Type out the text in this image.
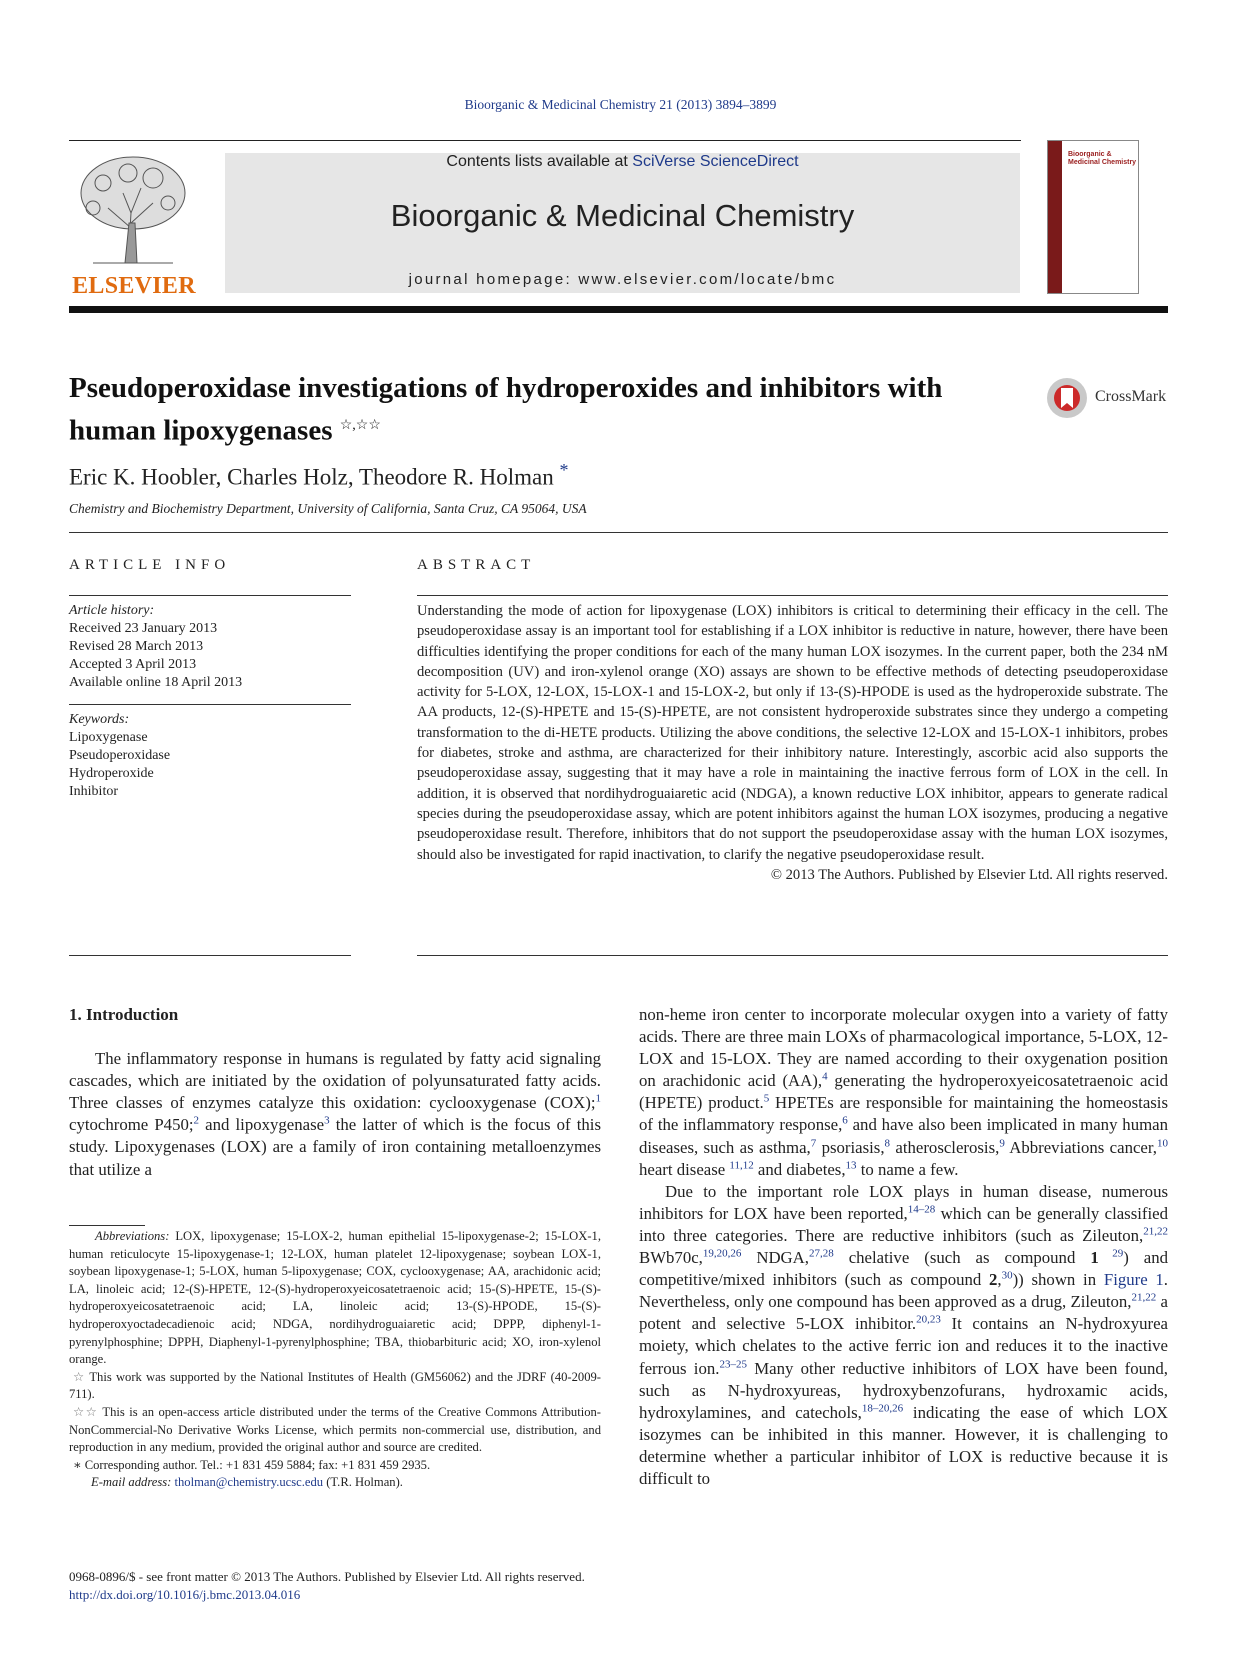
Bioorganic & Medicinal Chemistry 21 (2013) 3894–3899
ELSEVIER
Contents lists available at SciVerse ScienceDirect
Bioorganic & Medicinal Chemistry
journal homepage: www.elsevier.com/locate/bmc
Bioorganic & Medicinal Chemistry
Pseudoperoxidase investigations of hydroperoxides and inhibitors with human lipoxygenases ☆,☆☆
CrossMark
Eric K. Hoobler, Charles Holz, Theodore R. Holman *
Chemistry and Biochemistry Department, University of California, Santa Cruz, CA 95064, USA
ARTICLE INFO
Article history:
Received 23 January 2013
Revised 28 March 2013
Accepted 3 April 2013
Available online 18 April 2013
Keywords:
Lipoxygenase
Pseudoperoxidase
Hydroperoxide
Inhibitor
ABSTRACT
Understanding the mode of action for lipoxygenase (LOX) inhibitors is critical to determining their efficacy in the cell. The pseudoperoxidase assay is an important tool for establishing if a LOX inhibitor is reductive in nature, however, there have been difficulties identifying the proper conditions for each of the many human LOX isozymes. In the current paper, both the 234 nM decomposition (UV) and iron-xylenol orange (XO) assays are shown to be effective methods of detecting pseudoperoxidase activity for 5-LOX, 12-LOX, 15-LOX-1 and 15-LOX-2, but only if 13-(S)-HPODE is used as the hydroperoxide substrate. The AA products, 12-(S)-HPETE and 15-(S)-HPETE, are not consistent hydroperoxide substrates since they undergo a competing transformation to the di-HETE products. Utilizing the above conditions, the selective 12-LOX and 15-LOX-1 inhibitors, probes for diabetes, stroke and asthma, are characterized for their inhibitory nature. Interestingly, ascorbic acid also supports the pseudoperoxidase assay, suggesting that it may have a role in maintaining the inactive ferrous form of LOX in the cell. In addition, it is observed that nordihydroguaiaretic acid (NDGA), a known reductive LOX inhibitor, appears to generate radical species during the pseudoperoxidase assay, which are potent inhibitors against the human LOX isozymes, producing a negative pseudoperoxidase result. Therefore, inhibitors that do not support the pseudoperoxidase assay with the human LOX isozymes, should also be investigated for rapid inactivation, to clarify the negative pseudoperoxidase result.
© 2013 The Authors. Published by Elsevier Ltd. All rights reserved.

1. Introduction

The inflammatory response in humans is regulated by fatty acid signaling cascades, which are initiated by the oxidation of polyunsaturated fatty acids. Three classes of enzymes catalyze this oxidation: cyclooxygenase (COX);$^1$ cytochrome P450;$^2$ and lipoxygenase$^3$ the latter of which is the focus of this study. Lipoxygenases (LOX) are a family of iron containing metalloenzymes that utilize a

Abbreviations: LOX, lipoxygenase; 15-LOX-2, human epithelial 15-lipoxygenase-2; 15-LOX-1, human reticulocyte 15-lipoxygenase-1; 12-LOX, human platelet 12-lipoxygenase; soybean LOX-1, soybean lipoxygenase-1; 5-LOX, human 5-lipoxygenase; COX, cyclooxygenase; AA, arachidonic acid; LA, linoleic acid; 12-(S)-HPETE, 12-(S)-hydroperoxyeicosatetraenoic acid; 15-(S)-HPETE, 15-(S)-hydroperoxyeicosatetraenoic acid; LA, linoleic acid; 13-(S)-HPODE, 15-(S)-hydroperoxyoctadecadienoic acid; NDGA, nordihydroguaiaretic acid; DPPP, diphenyl-1-pyrenylphosphine; DPPH, Diaphenyl-1-pyrenylphosphine; TBA, thiobarbituric acid; XO, iron-xylenol orange.

☆ This work was supported by the National Institutes of Health (GM56062) and the JDRF (40-2009-711).

☆☆ This is an open-access article distributed under the terms of the Creative Commons Attribution-NonCommercial-No Derivative Works License, which permits non-commercial use, distribution, and reproduction in any medium, provided the original author and source are credited.

∗ Corresponding author. Tel.: +1 831 459 5884; fax: +1 831 459 2935.

E-mail address: tholman@chemistry.ucsc.edu (T.R. Holman).

non-heme iron center to incorporate molecular oxygen into a variety of fatty acids. There are three main LOXs of pharmacological importance, 5-LOX, 12-LOX and 15-LOX. They are named according to their oxygenation position on arachidonic acid (AA),$^4$ generating the hydroperoxyeicosatetraenoic acid (HPETE) product.$^5$ HPETEs are responsible for maintaining the homeostasis of the inflammatory response,$^6$ and have also been implicated in many human diseases, such as asthma,$^7$ psoriasis,$^8$ atherosclerosis,$^9$ Abbreviations cancer,$^{10}$ heart disease $^{11,12}$ and diabetes,$^{13}$ to name a few.

Due to the important role LOX plays in human disease, numerous inhibitors for LOX have been reported,$^{14-28}$ which can be generally classified into three categories. There are reductive inhibitors (such as Zileuton,$^{21,22}$ BWb70c,$^{19,20,26}$ NDGA,$^{27,28}$ chelative (such as compound 1 $^{29}$) and competitive/mixed inhibitors (such as compound 2,30)) shown in Figure 1. Nevertheless, only one compound has been approved as a drug, Zileuton,$^{21,22}$ a potent and selective 5-LOX inhibitor.$^{20,23}$ It contains an N-hydroxyurea moiety, which chelates to the active ferric ion and reduces it to the inactive ferrous ion.$^{23-25}$ Many other reductive inhibitors of LOX have been found, such as N-hydroxyureas, hydroxybenzofurans, hydroxamic acids, hydroxylamines, and catechols,$^{18-20,26}$ indicating the ease of which LOX isozymes can be inhibited in this manner. However, it is challenging to determine whether a particular inhibitor of LOX is reductive because it is difficult to

0968-0896/$ - see front matter © 2013 The Authors. Published by Elsevier Ltd. All rights reserved.
http://dx.doi.org/10.1016/j.bmc.2013.04.016
